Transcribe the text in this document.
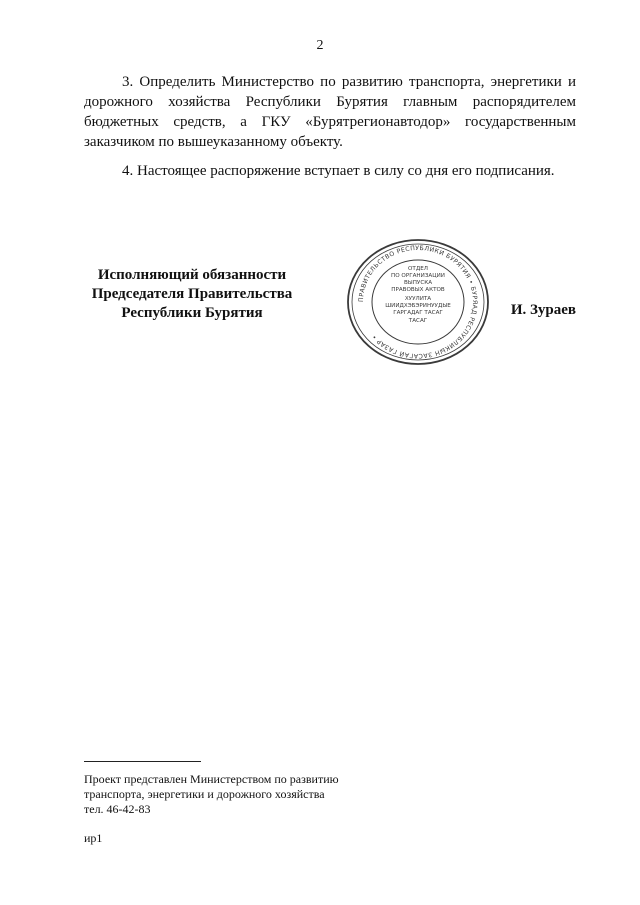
2

3. Определить Министерство по развитию транспорта, энергетики и дорожного хозяйства Республики Бурятия главным распорядителем бюджетных средств, а ГКУ «Бурятрегионавтодор» государственным заказчиком по вышеуказанному объекту.

4. Настоящее распоряжение вступает в силу со дня его подписания.

Исполняющий обязанности
Председателя Правительства
Республики Бурятия
ПРАВИТЕЛЬСТВО РЕСПУБЛИКИ БУРЯТИЯ • БУРЯАД РЕСПУБЛИКЫН ЗАСАГАЙ ГАЗАР •
ОТДЕЛ
ПО ОРГАНИЗАЦИИ
ВЫПУСКА
ПРАВОВЫХ АКТОВ
ХУУЛИТА
ШИИДХЭБЭРИНУУДЫЕ
ГАРГАДАГ ТАСАГ
ТАСАГ
И. Зураев
Проект представлен Министерством по развитию
транспорта, энергетики и дорожного хозяйства
тел. 46-42-83
ир1
